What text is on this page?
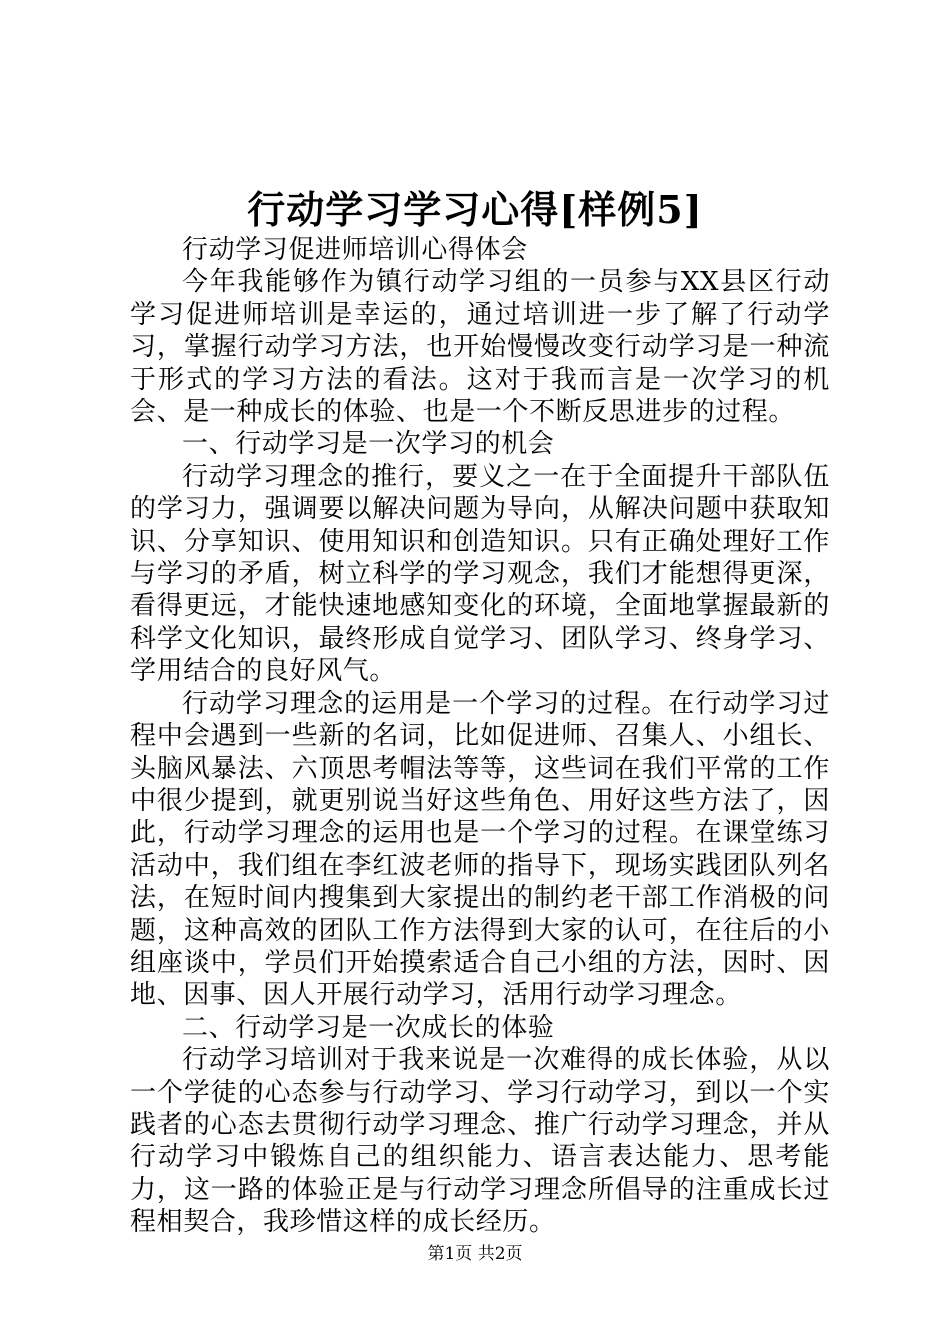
行动学习学习心得[样例5]

行动学习促进师培训心得体会

今年我能够作为镇行动学习组的一员参与XX县区行动学习促进师培训是幸运的，通过培训进一步了解了行动学习，掌握行动学习方法，也开始慢慢改变行动学习是一种流于形式的学习方法的看法。这对于我而言是一次学习的机会、是一种成长的体验、也是一个不断反思进步的过程。

一、行动学习是一次学习的机会

行动学习理念的推行，要义之一在于全面提升干部队伍的学习力，强调要以解决问题为导向，从解决问题中获取知识、分享知识、使用知识和创造知识。只有正确处理好工作与学习的矛盾，树立科学的学习观念，我们才能想得更深，看得更远，才能快速地感知变化的环境，全面地掌握最新的科学文化知识，最终形成自觉学习、团队学习、终身学习、学用结合的良好风气。

行动学习理念的运用是一个学习的过程。在行动学习过程中会遇到一些新的名词，比如促进师、召集人、小组长、头脑风暴法、六顶思考帽法等等，这些词在我们平常的工作中很少提到，就更别说当好这些角色、用好这些方法了，因此，行动学习理念的运用也是一个学习的过程。在课堂练习活动中，我们组在李红波老师的指导下，现场实践团队列名法，在短时间内搜集到大家提出的制约老干部工作消极的问题，这种高效的团队工作方法得到大家的认可，在往后的小组座谈中，学员们开始摸索适合自己小组的方法，因时、因地、因事、因人开展行动学习，活用行动学习理念。

二、行动学习是一次成长的体验

行动学习培训对于我来说是一次难得的成长体验，从以一个学徒的心态参与行动学习、学习行动学习，到以一个实践者的心态去贯彻行动学习理念、推广行动学习理念，并从行动学习中锻炼自己的组织能力、语言表达能力、思考能力，这一路的体验正是与行动学习理念所倡导的注重成长过程相契合，我珍惜这样的成长经历。

第1页 共2页
